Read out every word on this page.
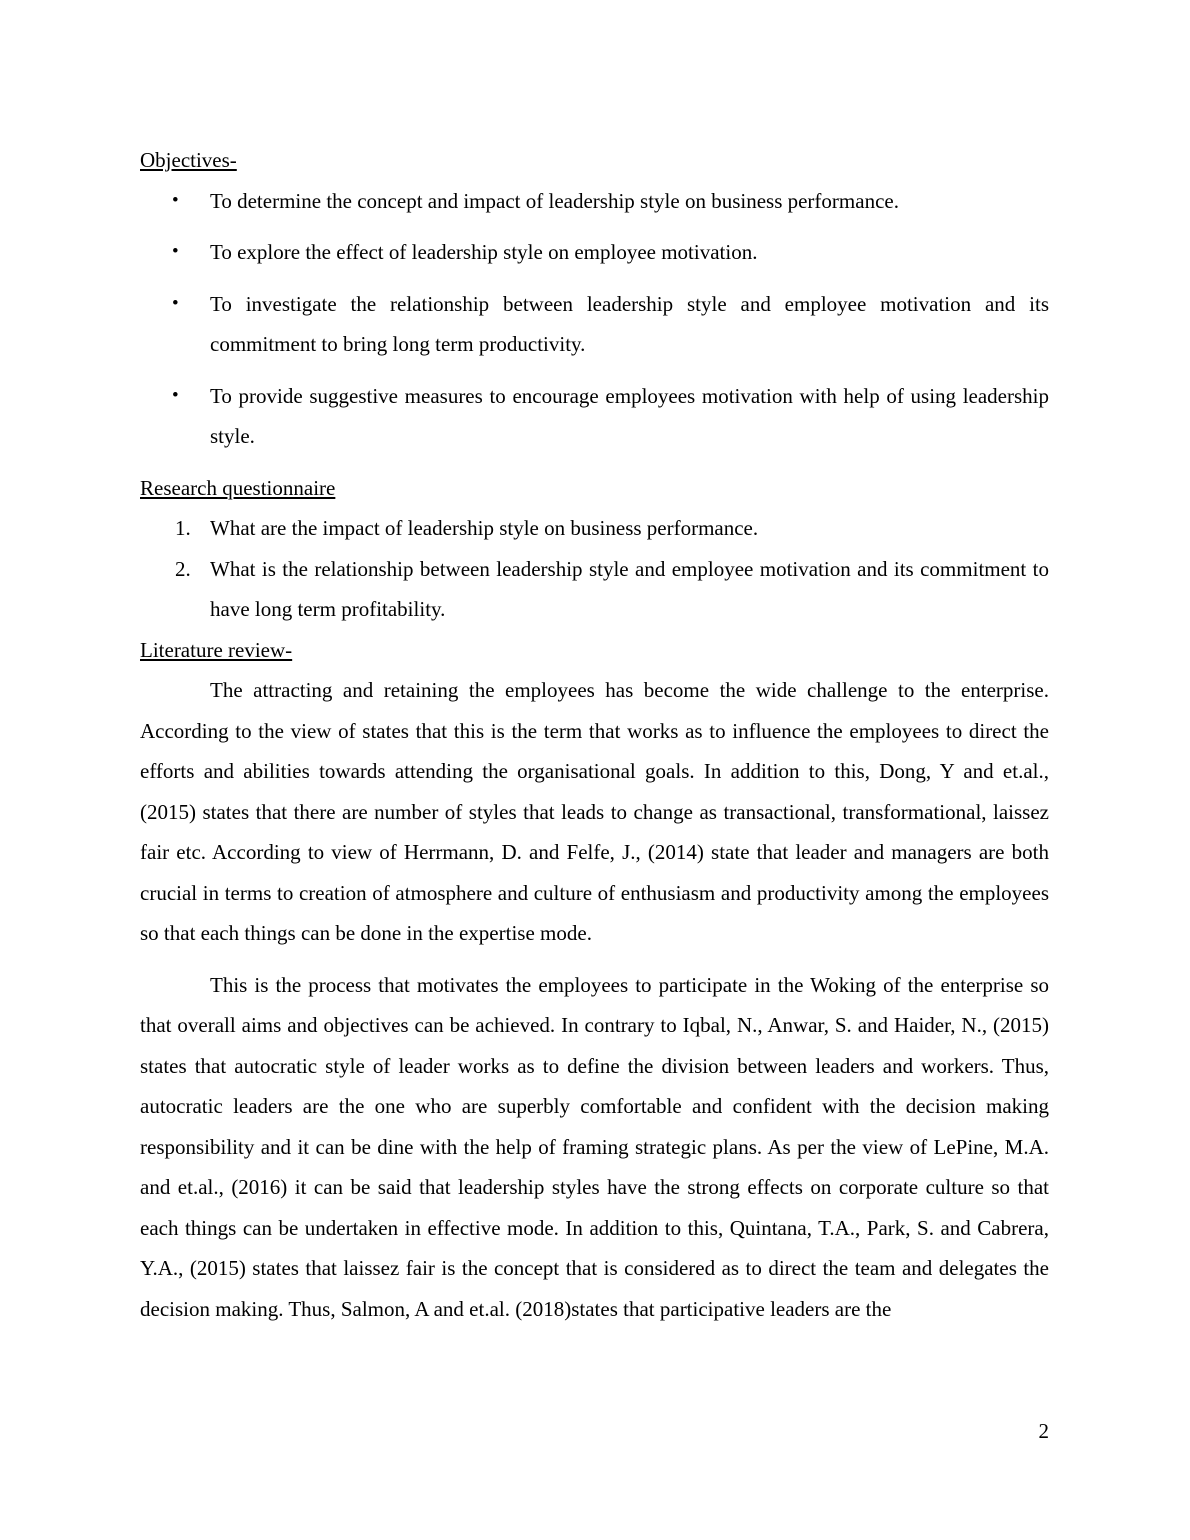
Objectives-

• To determine the concept and impact of leadership style on business performance.
• To explore the effect of leadership style on employee motivation.
• To investigate the relationship between leadership style and employee motivation and its commitment to bring long term productivity.
• To provide suggestive measures to encourage employees motivation with help of using leadership style.

Research questionnaire

1. What are the impact of leadership style on business performance.
2. What is the relationship between leadership style and employee motivation and its commitment to have long term profitability.

Literature review-

The attracting and retaining the employees has become the wide challenge to the enterprise. According to the view of states that this is the term that works as to influence the employees to direct the efforts and abilities towards attending the organisational goals. In addition to this, Dong, Y and et.al., (2015) states that there are number of styles that leads to change as transactional, transformational, laissez fair etc. According to view of Herrmann, D. and Felfe, J., (2014) state that leader and managers are both crucial in terms to creation of atmosphere and culture of enthusiasm and productivity among the employees so that each things can be done in the expertise mode.

This is the process that motivates the employees to participate in the Woking of the enterprise so that overall aims and objectives can be achieved. In contrary to Iqbal, N., Anwar, S. and Haider, N., (2015) states that autocratic style of leader works as to define the division between leaders and workers. Thus, autocratic leaders are the one who are superbly comfortable and confident with the decision making responsibility and it can be dine with the help of framing strategic plans. As per the view of LePine, M.A. and et.al., (2016) it can be said that leadership styles have the strong effects on corporate culture so that each things can be undertaken in effective mode. In addition to this, Quintana, T.A., Park, S. and Cabrera, Y.A., (2015) states that laissez fair is the concept that is considered as to direct the team and delegates the decision making. Thus, Salmon, A and et.al. (2018)states that participative leaders are the

2
